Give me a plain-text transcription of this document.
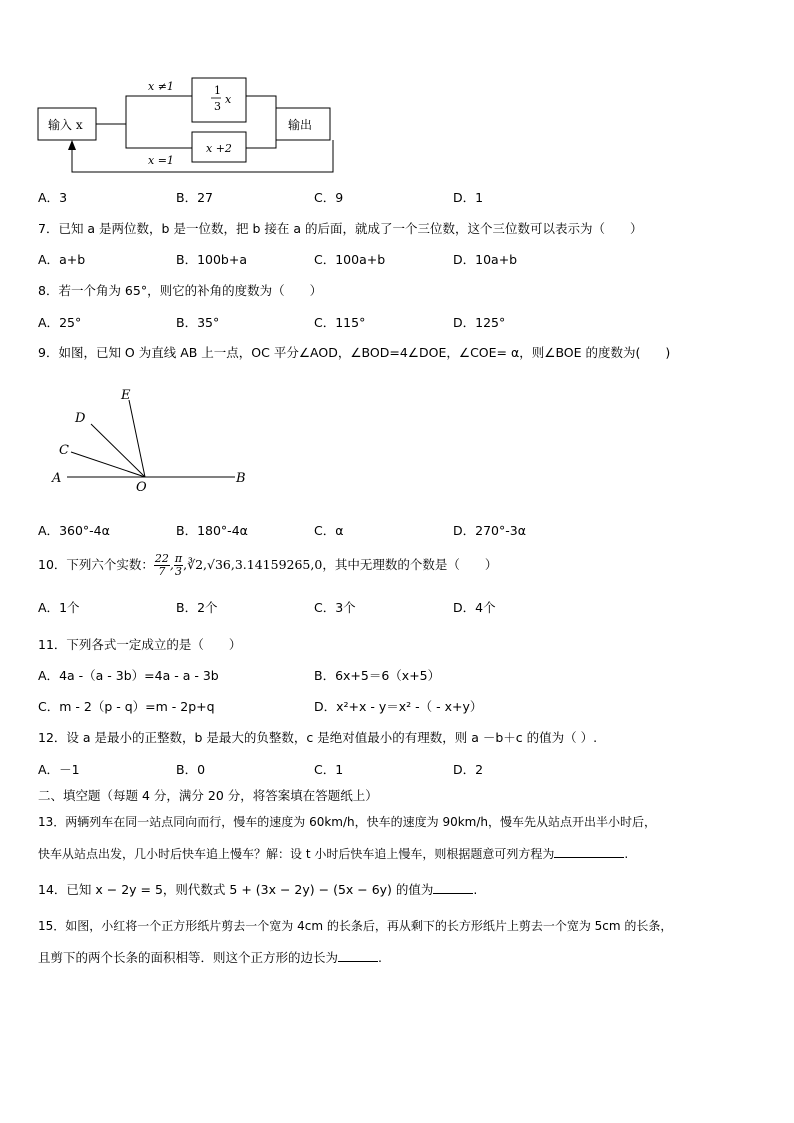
输入 x	输出
x ≠1
x =1
1
3
x
x +2
A．3	B．27	C．9	D．1
7．已知 a 是两位数，b 是一位数，把 b 接在 a 的后面，就成了一个三位数，这个三位数可以表示为（　　）
A．a+b	B．100b+a	C．100a+b	D．10a+b
8．若一个角为 65°，则它的补角的度数为（　　）
A．25°	B．35°	C．115°	D．125°
9．如图，已知 O 为直线 AB 上一点，OC 平分∠AOD，∠BOD=4∠DOE，∠COE= α，则∠BOE 的度数为(　　)
E
D
C
A
O
B
A．360°-4α	B．180°-4α	C．α	D．270°-3α
10．下列六个实数： $\frac{22}{7}$ , $\frac{\pi}{3}$ ,∛2,√36,3.14159265,0，其中无理数的个数是（　　）
A．1个	B．2个	C．3个	D．4个
11．下列各式一定成立的是（　　）
A．4a -（a - 3b）=4a - a - 3b	B．6x+5＝6（x+5）
C．m - 2（p - q）=m - 2p+q	D．x²+x - y＝x² -（ - x+y）
12．设 a 是最小的正整数，b 是最大的负整数，c 是绝对值最小的有理数，则 a －b＋c 的值为（ ）.
A．－1	B．0	C．1	D．2
二、填空题（每题 4 分，满分 20 分，将答案填在答题纸上）
13．两辆列车在同一站点同向而行，慢车的速度为 60km/h，快车的速度为 90km/h，慢车先从站点开出半小时后，
快车从站点出发，几小时后快车追上慢车？解：设 t 小时后快车追上慢车，则根据题意可列方程为	.
14．已知 x − 2y = 5，则代数式 5 + (3x − 2y) − (5x − 6y) 的值为	.
15．如图，小红将一个正方形纸片剪去一个宽为 4cm 的长条后，再从剩下的长方形纸片上剪去一个宽为 5cm 的长条，
且剪下的两个长条的面积相等．则这个正方形的边长为	.
